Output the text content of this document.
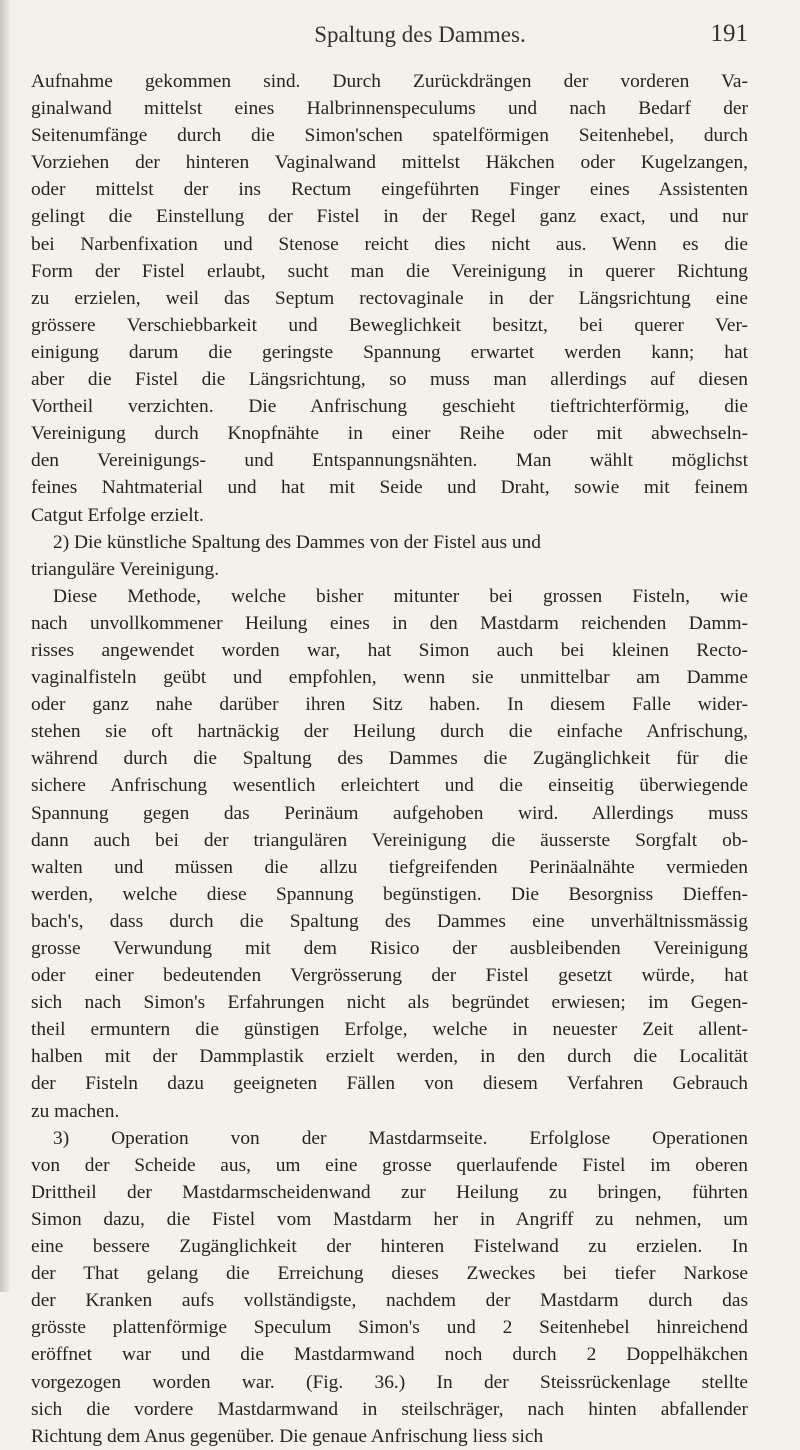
Spaltung des Dammes.	191
Aufnahme gekommen sind. Durch Zurückdrängen der vorderen Va-
ginalwand mittelst eines Halbrinnenspeculums und nach Bedarf der
Seitenumfänge durch die Simon'schen spatelförmigen Seitenhebel, durch
Vorziehen der hinteren Vaginalwand mittelst Häkchen oder Kugelzangen,
oder mittelst der ins Rectum eingeführten Finger eines Assistenten
gelingt die Einstellung der Fistel in der Regel ganz exact, und nur
bei Narbenfixation und Stenose reicht dies nicht aus. Wenn es die
Form der Fistel erlaubt, sucht man die Vereinigung in querer Richtung
zu erzielen, weil das Septum rectovaginale in der Längsrichtung eine
grössere Verschiebbarkeit und Beweglichkeit besitzt, bei querer Ver-
einigung darum die geringste Spannung erwartet werden kann; hat
aber die Fistel die Längsrichtung, so muss man allerdings auf diesen
Vortheil verzichten. Die Anfrischung geschieht tieftrichterförmig, die
Vereinigung durch Knopfnähte in einer Reihe oder mit abwechseln-
den Vereinigungs- und Entspannungsnähten. Man wählt möglichst
feines Nahtmaterial und hat mit Seide und Draht, sowie mit feinem
Catgut Erfolge erzielt.
2) Die künstliche Spaltung des Dammes von der Fistel aus und
trianguläre Vereinigung.
Diese Methode, welche bisher mitunter bei grossen Fisteln, wie
nach unvollkommener Heilung eines in den Mastdarm reichenden Damm-
risses angewendet worden war, hat Simon auch bei kleinen Recto-
vaginalfisteln geübt und empfohlen, wenn sie unmittelbar am Damme
oder ganz nahe darüber ihren Sitz haben. In diesem Falle wider-
stehen sie oft hartnäckig der Heilung durch die einfache Anfrischung,
während durch die Spaltung des Dammes die Zugänglichkeit für die
sichere Anfrischung wesentlich erleichtert und die einseitig überwiegende
Spannung gegen das Perinäum aufgehoben wird. Allerdings muss
dann auch bei der triangulären Vereinigung die äusserste Sorgfalt ob-
walten und müssen die allzu tiefgreifenden Perinäalnähte vermieden
werden, welche diese Spannung begünstigen. Die Besorgniss Dieffen-
bach's, dass durch die Spaltung des Dammes eine unverhältnissmässig
grosse Verwundung mit dem Risico der ausbleibenden Vereinigung
oder einer bedeutenden Vergrösserung der Fistel gesetzt würde, hat
sich nach Simon's Erfahrungen nicht als begründet erwiesen; im Gegen-
theil ermuntern die günstigen Erfolge, welche in neuester Zeit allent-
halben mit der Dammplastik erzielt werden, in den durch die Localität
der Fisteln dazu geeigneten Fällen von diesem Verfahren Gebrauch
zu machen.
3) Operation von der Mastdarmseite. Erfolglose Operationen
von der Scheide aus, um eine grosse querlaufende Fistel im oberen
Drittheil der Mastdarmscheidenwand zur Heilung zu bringen, führten
Simon dazu, die Fistel vom Mastdarm her in Angriff zu nehmen, um
eine bessere Zugänglichkeit der hinteren Fistelwand zu erzielen. In
der That gelang die Erreichung dieses Zweckes bei tiefer Narkose
der Kranken aufs vollständigste, nachdem der Mastdarm durch das
grösste plattenförmige Speculum Simon's und 2 Seitenhebel hinreichend
eröffnet war und die Mastdarmwand noch durch 2 Doppelhäkchen
vorgezogen worden war. (Fig. 36.) In der Steissrückenlage stellte
sich die vordere Mastdarmwand in steilschräger, nach hinten abfallender
Richtung dem Anus gegenüber. Die genaue Anfrischung liess sich
